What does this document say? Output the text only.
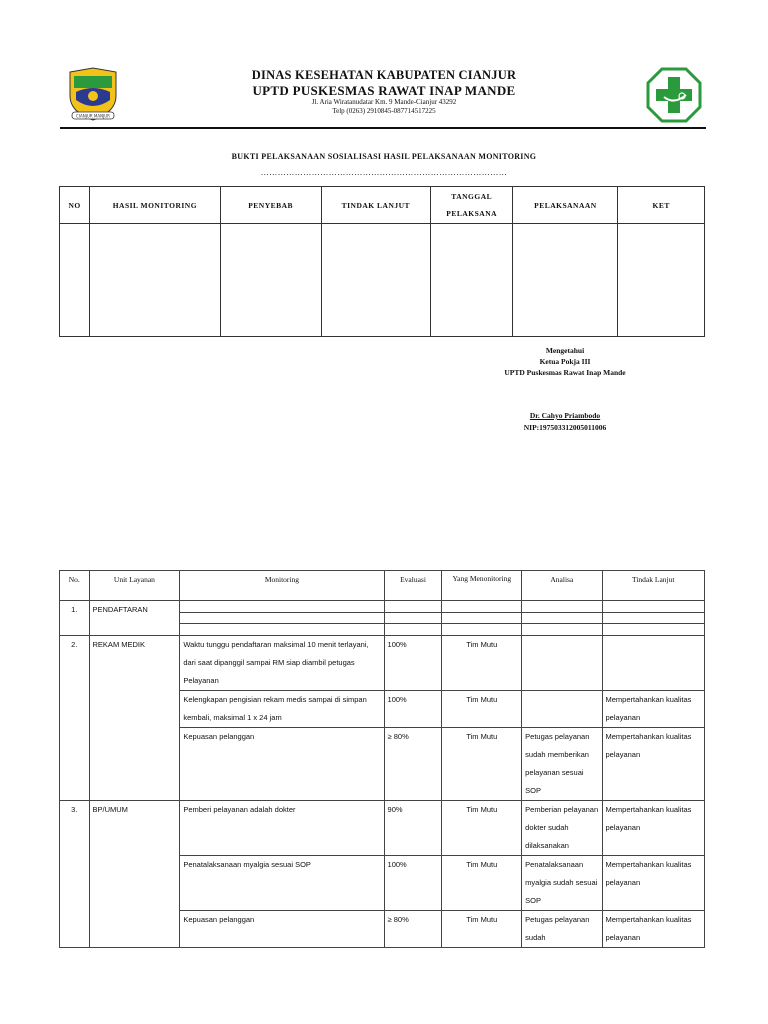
CIANJUR MANJUR
DINAS KESEHATAN KABUPATEN CIANJUR
UPTD PUSKESMAS RAWAT INAP MANDE
Jl. Aria Wiratanudatar Km. 9 Mande-Cianjur 43292
Telp (0263) 2910845-087714517225
BUKTI PELAKSANAAN SOSIALISASI HASIL PELAKSANAAN MONITORING
……………………………………………………………………………
NO	HASIL MONITORING	PENYEBAB	TINDAK LANJUT	TANGGAL PELAKSANA	PELAKSANAAN	KET

Mengetahui
Ketua Pokja III
UPTD Puskesmas Rawat Inap Mande
Dr. Cahyo Priambodo
NIP:197503312005011006
No.	Unit Layanan	Monitoring	Evaluasi	Yang Menonitoring	Analisa	Tindak Lanjut
1.	PENDAFTARAN					

2.	REKAM MEDIK	Waktu tunggu pendaftaran maksimal 10 menit terlayani, dari saat dipanggil sampai RM siap diambil petugas Pelayanan	100%	Tim Mutu		
		Kelengkapan pengisian rekam medis sampai di simpan kembali, maksimal 1 x 24 jam	100%	Tim Mutu		Mempertahankan kualitas pelayanan
		Kepuasan pelanggan	≥ 80%	Tim Mutu	Petugas pelayanan sudah memberikan pelayanan sesuai SOP	Mempertahankan kualitas pelayanan
3.	BP/UMUM	Pemberi pelayanan adalah dokter	90%	Tim Mutu	Pemberian pelayanan dokter sudah dilaksanakan	Mempertahankan kualitas pelayanan
		Penatalaksanaan myalgia sesuai SOP	100%	Tim Mutu	Penatalaksanaan myalgia sudah sesuai SOP	Mempertahankan kualitas pelayanan
		Kepuasan pelanggan	≥ 80%	Tim Mutu	Petugas pelayanan sudah	Mempertahankan kualitas pelayanan
